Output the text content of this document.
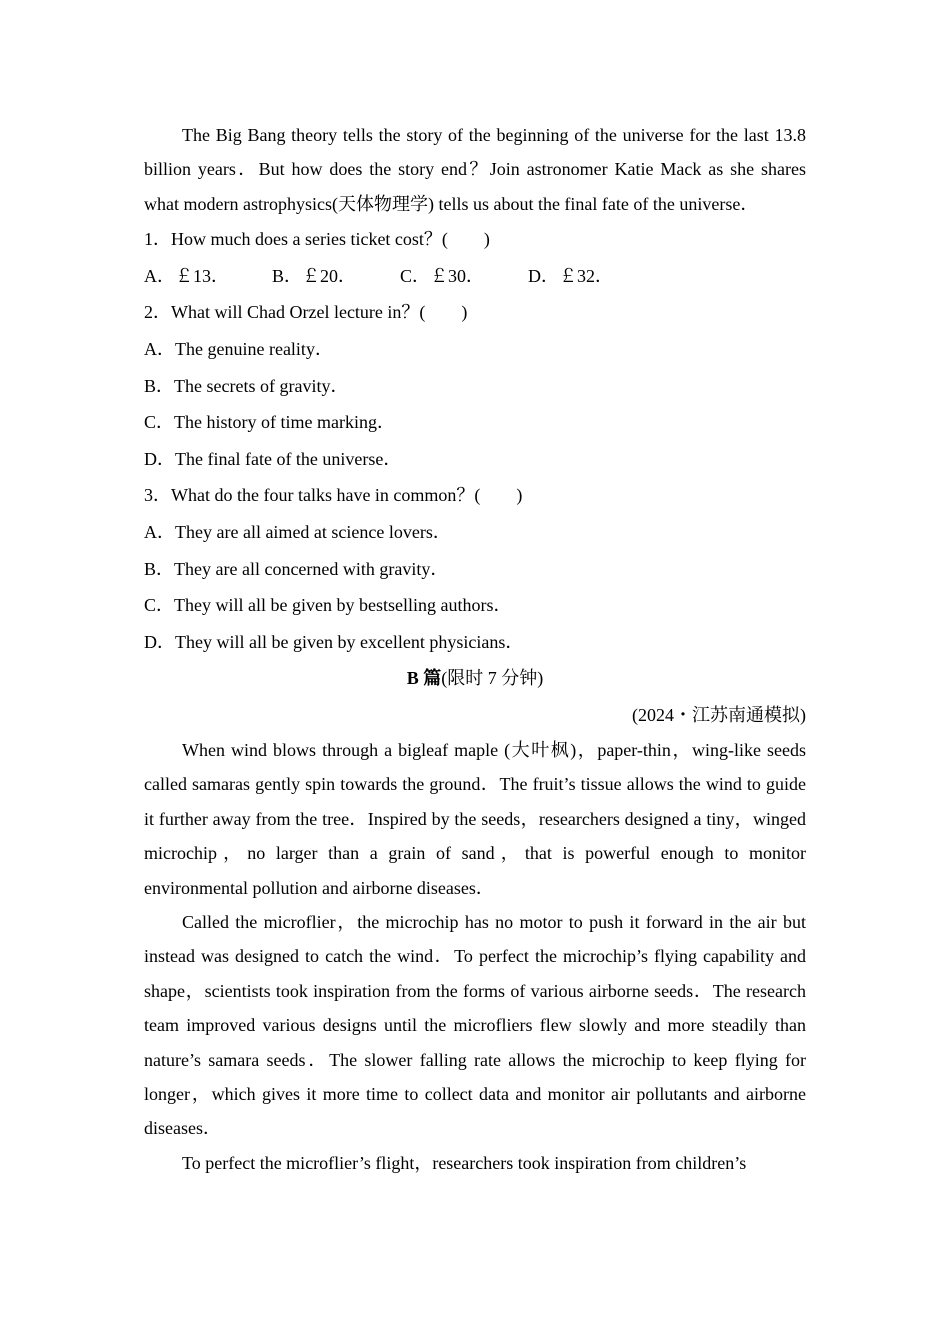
The Big Bang theory tells the story of the beginning of the universe for the last 13.8 billion years．But how does the story end？Join astronomer Katie Mack as she shares what modern astrophysics(天体物理学) tells us about the final fate of the universe．

1．How much does a series ticket cost？(　　)

A．￡13．	B．￡20．	C．￡30．	D．￡32．

2．What will Chad Orzel lecture in？(　　)

A．The genuine reality．

B．The secrets of gravity．

C．The history of time marking．

D．The final fate of the universe．

3．What do the four talks have in common？(　　)

A．They are all aimed at science lovers．

B．They are all concerned with gravity．

C．They will all be given by bestselling authors．

D．They will all be given by excellent physicians．

B 篇(限时 7 分钟)

(2024・江苏南通模拟)

When wind blows through a bigleaf maple (大叶枫)，paper-thin，wing-like seeds called samaras gently spin towards the ground．The fruit’s tissue allows the wind to guide it further away from the tree．Inspired by the seeds，researchers designed a tiny，winged microchip，no larger than a grain of sand，that is powerful enough to monitor environmental pollution and airborne diseases．

Called the microflier，the microchip has no motor to push it forward in the air but instead was designed to catch the wind．To perfect the microchip’s flying capability and shape，scientists took inspiration from the forms of various airborne seeds．The research team improved various designs until the microfliers flew slowly and more steadily than nature’s samara seeds．The slower falling rate allows the microchip to keep flying for longer，which gives it more time to collect data and monitor air pollutants and airborne diseases．

To perfect the microflier’s flight，researchers took inspiration from children’s
